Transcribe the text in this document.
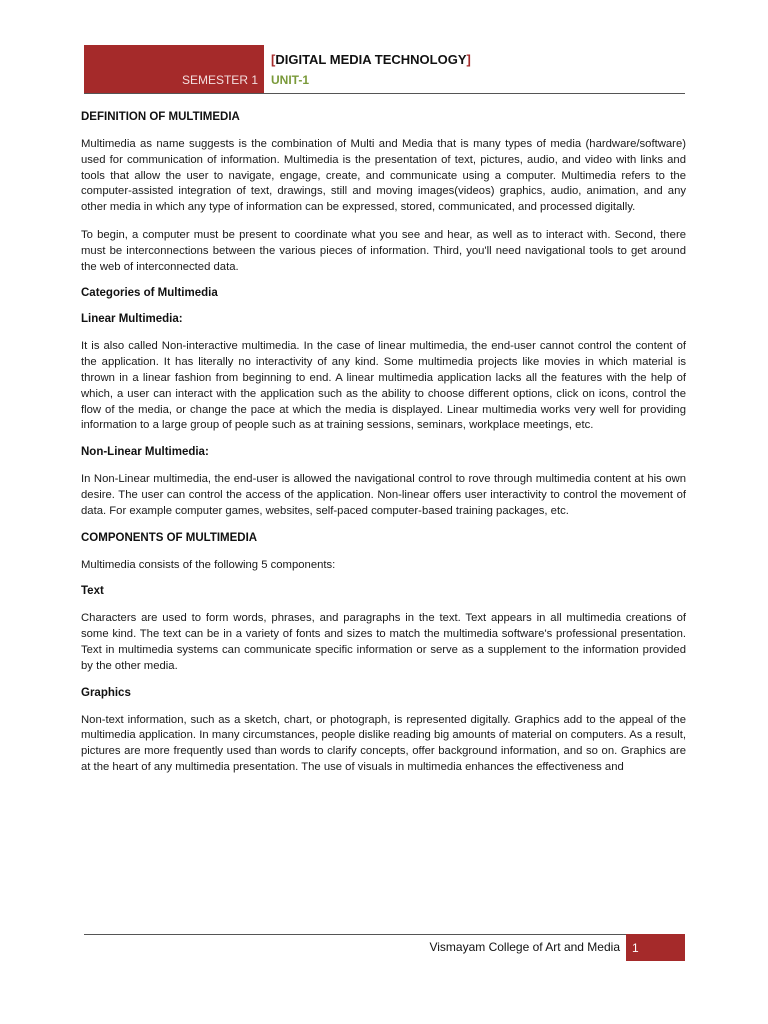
SEMESTER 1
[DIGITAL MEDIA TECHNOLOGY]
UNIT-1
DEFINITION OF MULTIMEDIA

Multimedia as name suggests is the combination of Multi and Media that is many types of media (hardware/software) used for communication of information. Multimedia is the presentation of text, pictures, audio, and video with links and tools that allow the user to navigate, engage, create, and communicate using a computer. Multimedia refers to the computer-assisted integration of text, drawings, still and moving images(videos) graphics, audio, animation, and any other media in which any type of information can be expressed, stored, communicated, and processed digitally.

To begin, a computer must be present to coordinate what you see and hear, as well as to interact with. Second, there must be interconnections between the various pieces of information. Third, you'll need navigational tools to get around the web of interconnected data.

Categories of Multimedia
Linear Multimedia:

It is also called Non-interactive multimedia. In the case of linear multimedia, the end-user cannot control the content of the application. It has literally no interactivity of any kind. Some multimedia projects like movies in which material is thrown in a linear fashion from beginning to end. A linear multimedia application lacks all the features with the help of which, a user can interact with the application such as the ability to choose different options, click on icons, control the flow of the media, or change the pace at which the media is displayed. Linear multimedia works very well for providing information to a large group of people such as at training sessions, seminars, workplace meetings, etc.

Non-Linear Multimedia:

In Non-Linear multimedia, the end-user is allowed the navigational control to rove through multimedia content at his own desire. The user can control the access of the application. Non-linear offers user interactivity to control the movement of data. For example computer games, websites, self-paced computer-based training packages, etc.

COMPONENTS OF MULTIMEDIA

Multimedia consists of the following 5 components:

Text

Characters are used to form words, phrases, and paragraphs in the text. Text appears in all multimedia creations of some kind. The text can be in a variety of fonts and sizes to match the multimedia software's professional presentation. Text in multimedia systems can communicate specific information or serve as a supplement to the information provided by the other media.

Graphics

Non-text information, such as a sketch, chart, or photograph, is represented digitally. Graphics add to the appeal of the multimedia application. In many circumstances, people dislike reading big amounts of material on computers. As a result, pictures are more frequently used than words to clarify concepts, offer background information, and so on. Graphics are at the heart of any multimedia presentation. The use of visuals in multimedia enhances the effectiveness and

Vismayam College of Art and Media	1
